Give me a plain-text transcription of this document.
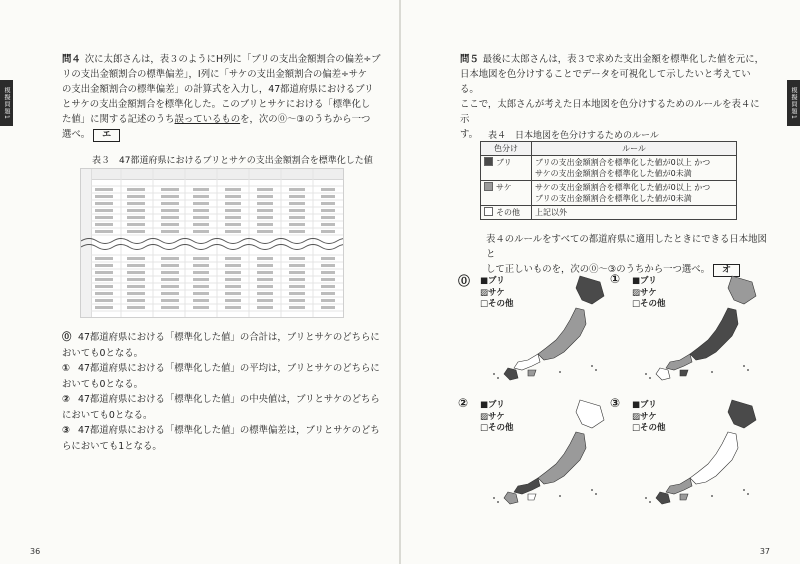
模擬問題1

問４ 次に太郎さんは，表３のようにH列に「ブリの支出金額割合の偏差÷ブ

リの支出金額割合の標準偏差」，I列に「サケの支出金額割合の偏差÷サケ

の支出金額割合の標準偏差」の計算式を入力し，47都道府県におけるブリ

とサケの支出金額割合を標準化した。このブリとサケにおける「標準化し

た値」に関する記述のうち誤っているものを，次の⓪～③のうちから一つ

選べ。 エ

表３　47都道府県におけるブリとサケの支出金額割合を標準化した値
⓪ 47都道府県における「標準化した値」の合計は，ブリとサケのどちらに
おいても0となる。
① 47都道府県における「標準化した値」の平均は，ブリとサケのどちらに
おいても0となる。
② 47都道府県における「標準化した値」の中央値は，ブリとサケのどちら
においても0となる。
③ 47都道府県における「標準化した値」の標準偏差は，ブリとサケのどち
らにおいても1となる。
36
模擬問題1

問５ 最後に太郎さんは，表３で求めた支出金額を標準化した値を元に，

日本地図を色分けすることでデータを可視化して示したいと考えている。

ここで，太郎さんが考えた日本地図を色分けするためのルールを表４に示

す。	表４　日本地図を色分けするためのルール
色分け	ルール
ブリ	ブリの支出金額割合を標準化した値が0以上 かつ
サケの支出金額割合を標準化した値が0未満

サケ	サケの支出金額割合を標準化した値が0以上 かつ
ブリの支出金額割合を標準化した値が0未満

その他	上記以外

表４のルールをすべての都道府県に適用したときにできる日本地図と

して正しいものを，次の⓪～③のうちから一つ選べ。 オ

⓪ ■ブリ
▨サケ
□その他
① ■ブリ
▨サケ
□その他
② ■ブリ
▨サケ
□その他
③ ■ブリ
▨サケ
□その他
37
